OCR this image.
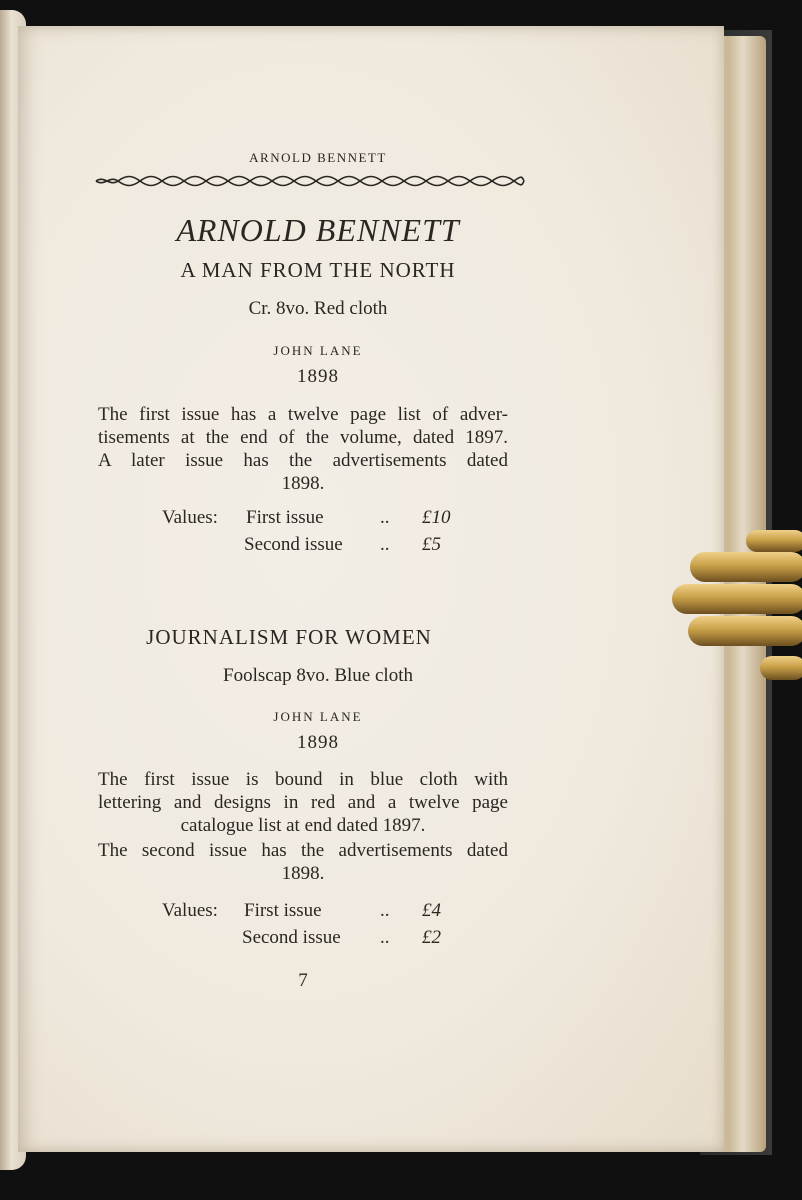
ARNOLD BENNETT
ARNOLD BENNETT
A MAN FROM THE NORTH
Cr. 8vo. Red cloth
JOHN LANE
1898
The first issue has a twelve page list of adver-
tisements at the end of the volume, dated 1897.
A later issue has the advertisements dated
1898.
Values: First issue	.. £10
Second issue .. £5
JOURNALISM FOR WOMEN
Foolscap 8vo. Blue cloth
JOHN LANE
1898
The first issue is bound in blue cloth with
lettering and designs in red and a twelve page
catalogue list at end dated 1897.
The second issue has the advertisements dated
1898.
Values: First issue	.. £4
Second issue .. £2
7
